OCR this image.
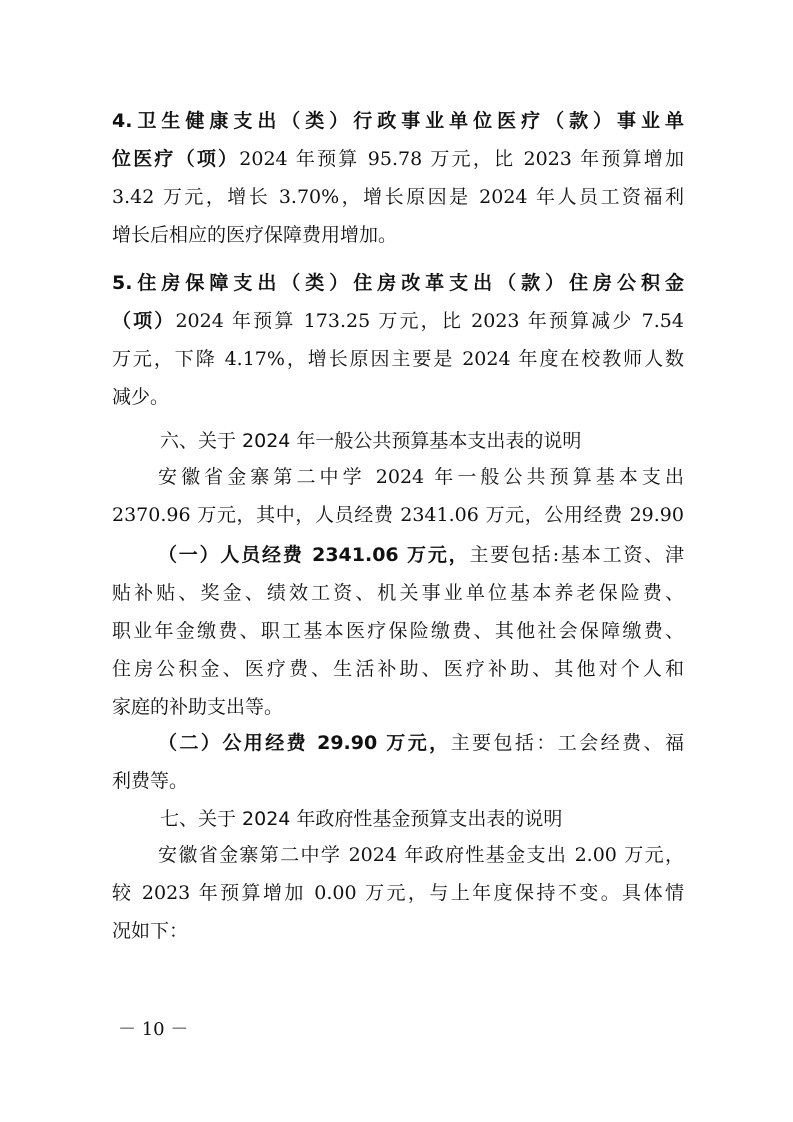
4.卫生健康支出（类）行政事业单位医疗（款）事业单
位医疗（项）2024 年预算 95.78 万元，比 2023 年预算增加
3.42 万元，增长 3.70%，增长原因是 2024 年人员工资福利
增长后相应的医疗保障费用增加。
5.住房保障支出（类）住房改革支出（款）住房公积金
（项）2024 年预算 173.25 万元，比 2023 年预算减少 7.54
万元，下降 4.17%，增长原因主要是 2024 年度在校教师人数
减少。
六、关于 2024 年一般公共预算基本支出表的说明
安徽省金寨第二中学 2024 年一般公共预算基本支出
2370.96 万元，其中，人员经费 2341.06 万元，公用经费 29.90
（一）人员经费 2341.06 万元，主要包括:基本工资、津
贴补贴、奖金、绩效工资、机关事业单位基本养老保险费、
职业年金缴费、职工基本医疗保险缴费、其他社会保障缴费、
住房公积金、医疗费、生活补助、医疗补助、其他对个人和
家庭的补助支出等。
（二）公用经费 29.90 万元，主要包括：工会经费、福
利费等。
七、关于 2024 年政府性基金预算支出表的说明
安徽省金寨第二中学 2024 年政府性基金支出 2.00 万元，
较 2023 年预算增加 0.00 万元，与上年度保持不变。具体情
况如下：
－ 10 －
